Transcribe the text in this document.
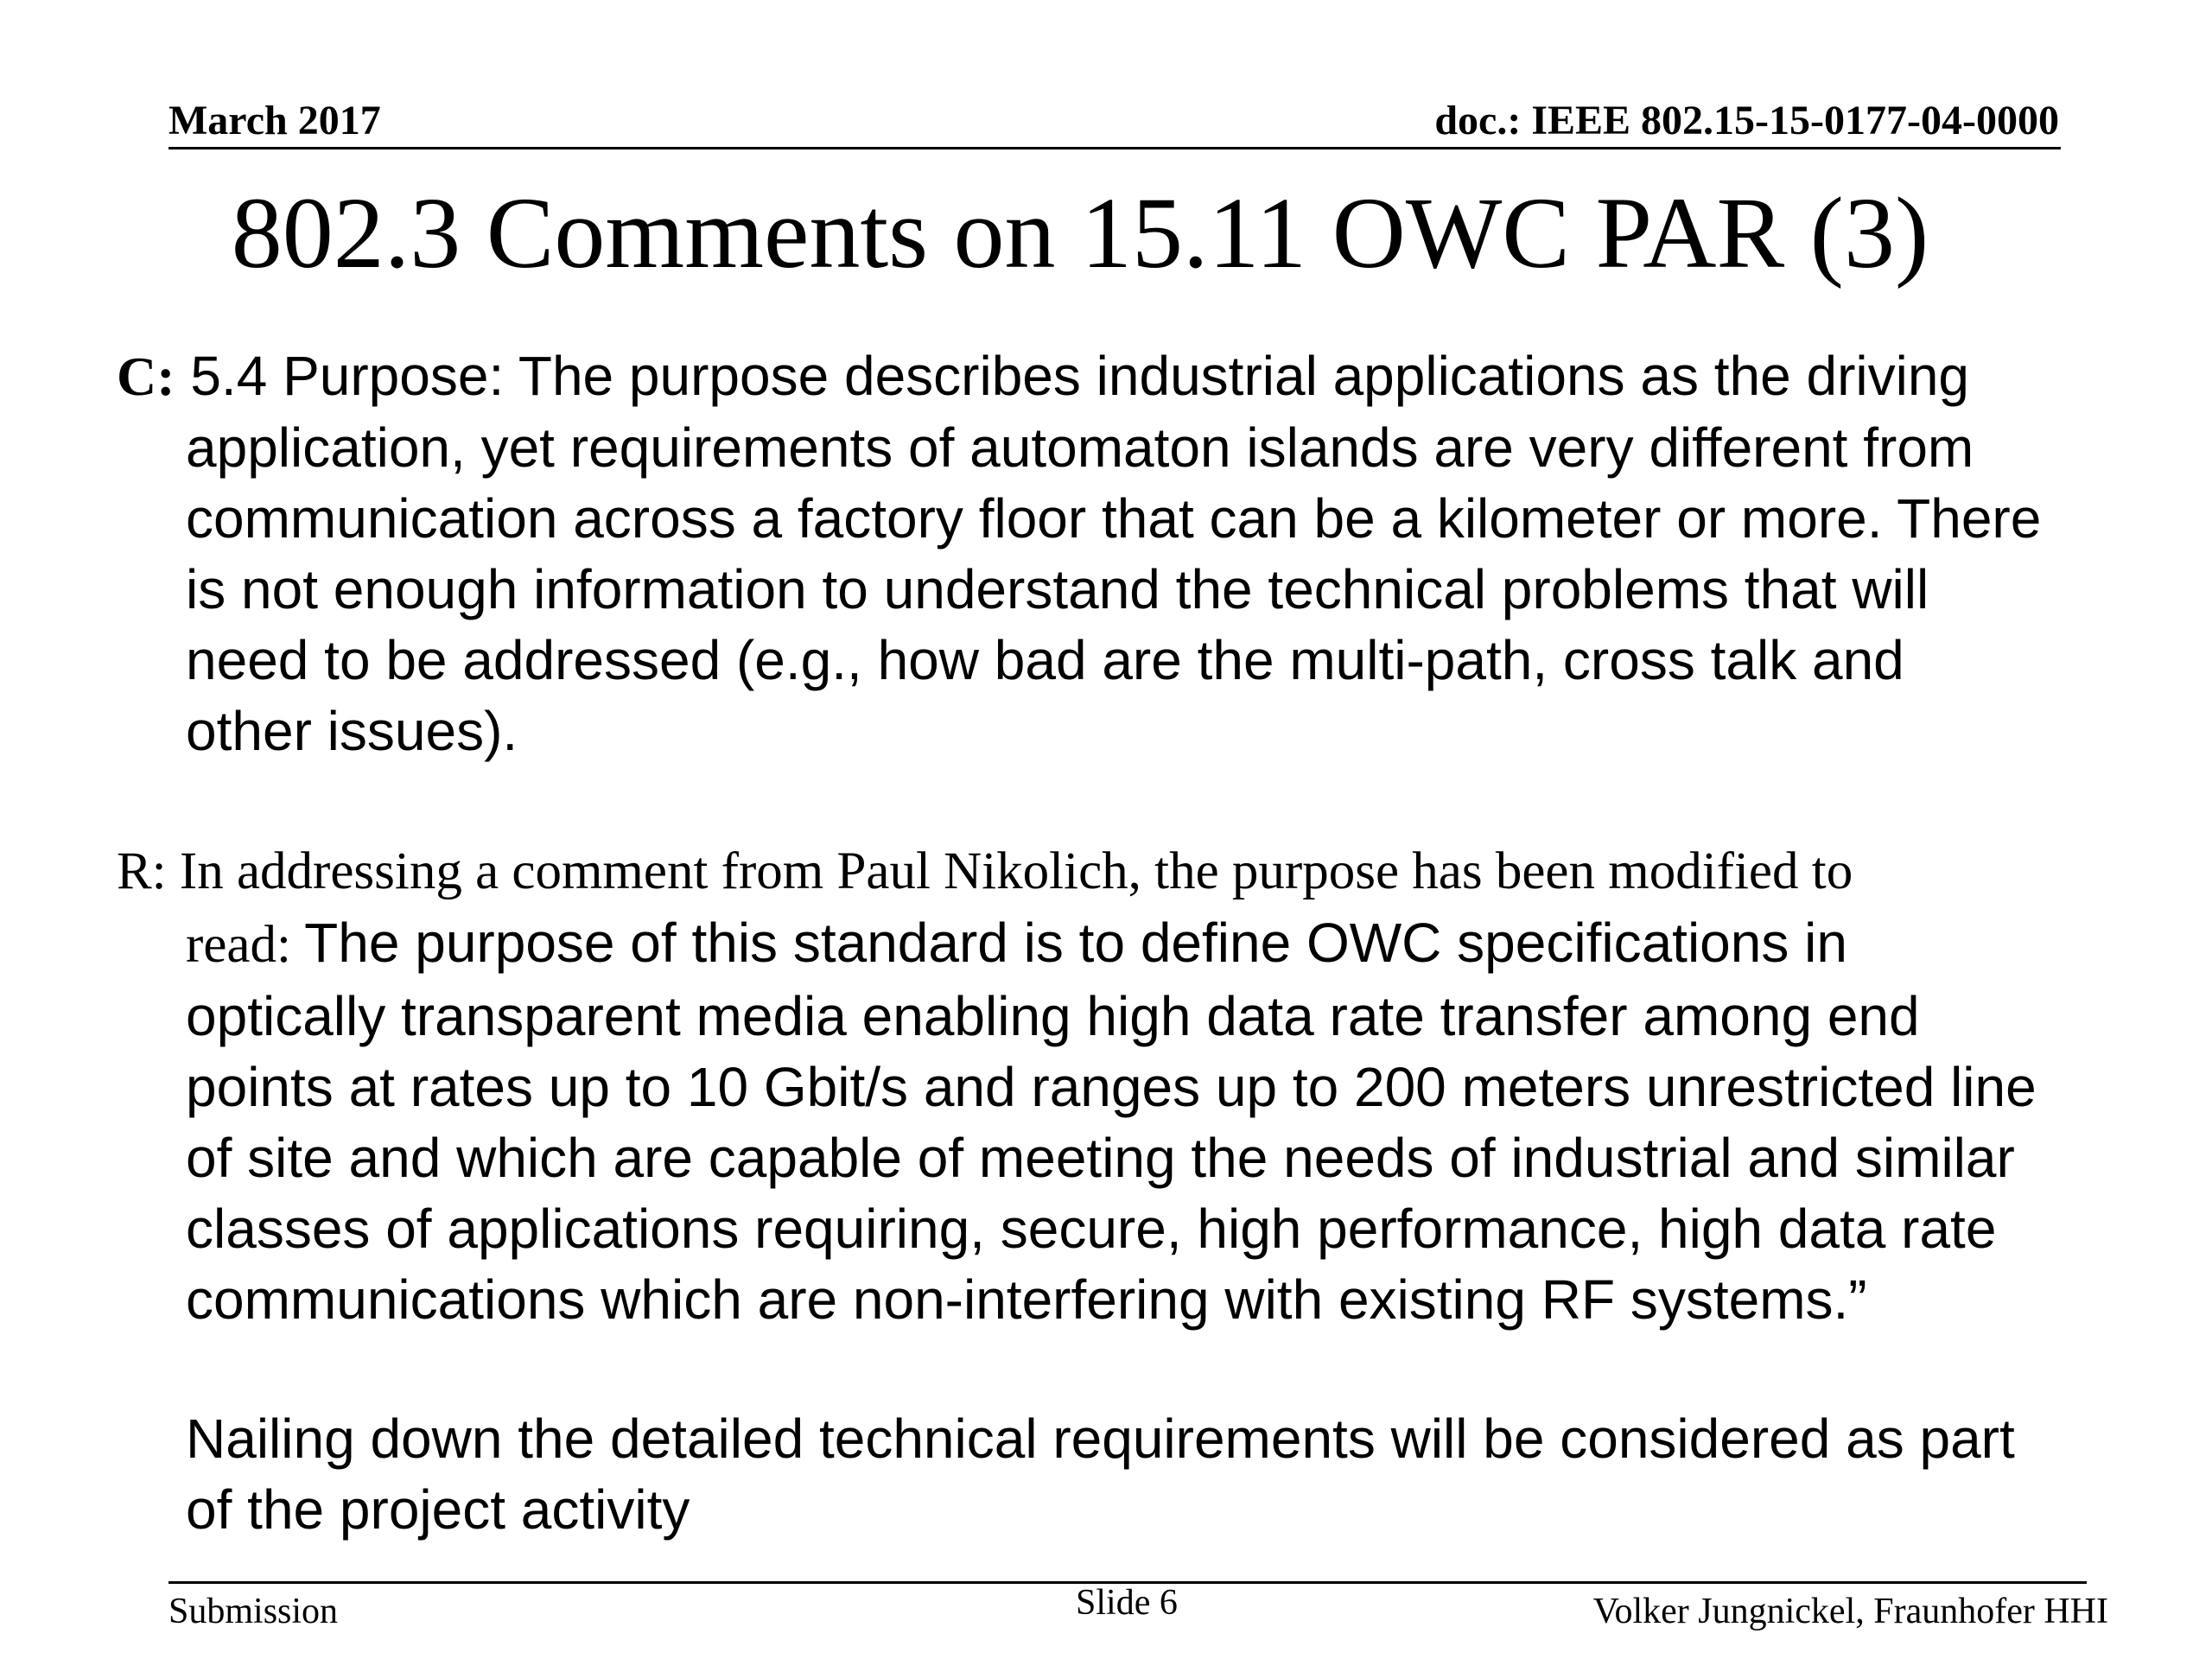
March 2017	doc.: IEEE 802.15-15-0177-04-0000
802.3 Comments on 15.11 OWC PAR (3)
C: 5.4 Purpose: The purpose describes industrial applications as the driving
application, yet requirements of automaton islands are very different from
communication across a factory floor that can be a kilometer or more. There
is not enough information to understand the technical problems that will
need to be addressed (e.g., how bad are the multi-path, cross talk and
other issues).
R: In addressing a comment from Paul Nikolich, the purpose has been modified to
read: The purpose of this standard is to define OWC specifications in
optically transparent media enabling high data rate transfer among end
points at rates up to 10 Gbit/s and ranges up to 200 meters unrestricted line
of site and which are capable of meeting the needs of industrial and similar
classes of applications requiring, secure, high performance, high data rate
communications which are non-interfering with existing RF systems.”
Nailing down the detailed technical requirements will be considered as part
of the project activity
Submission	Slide 6	Volker Jungnickel, Fraunhofer HHI
